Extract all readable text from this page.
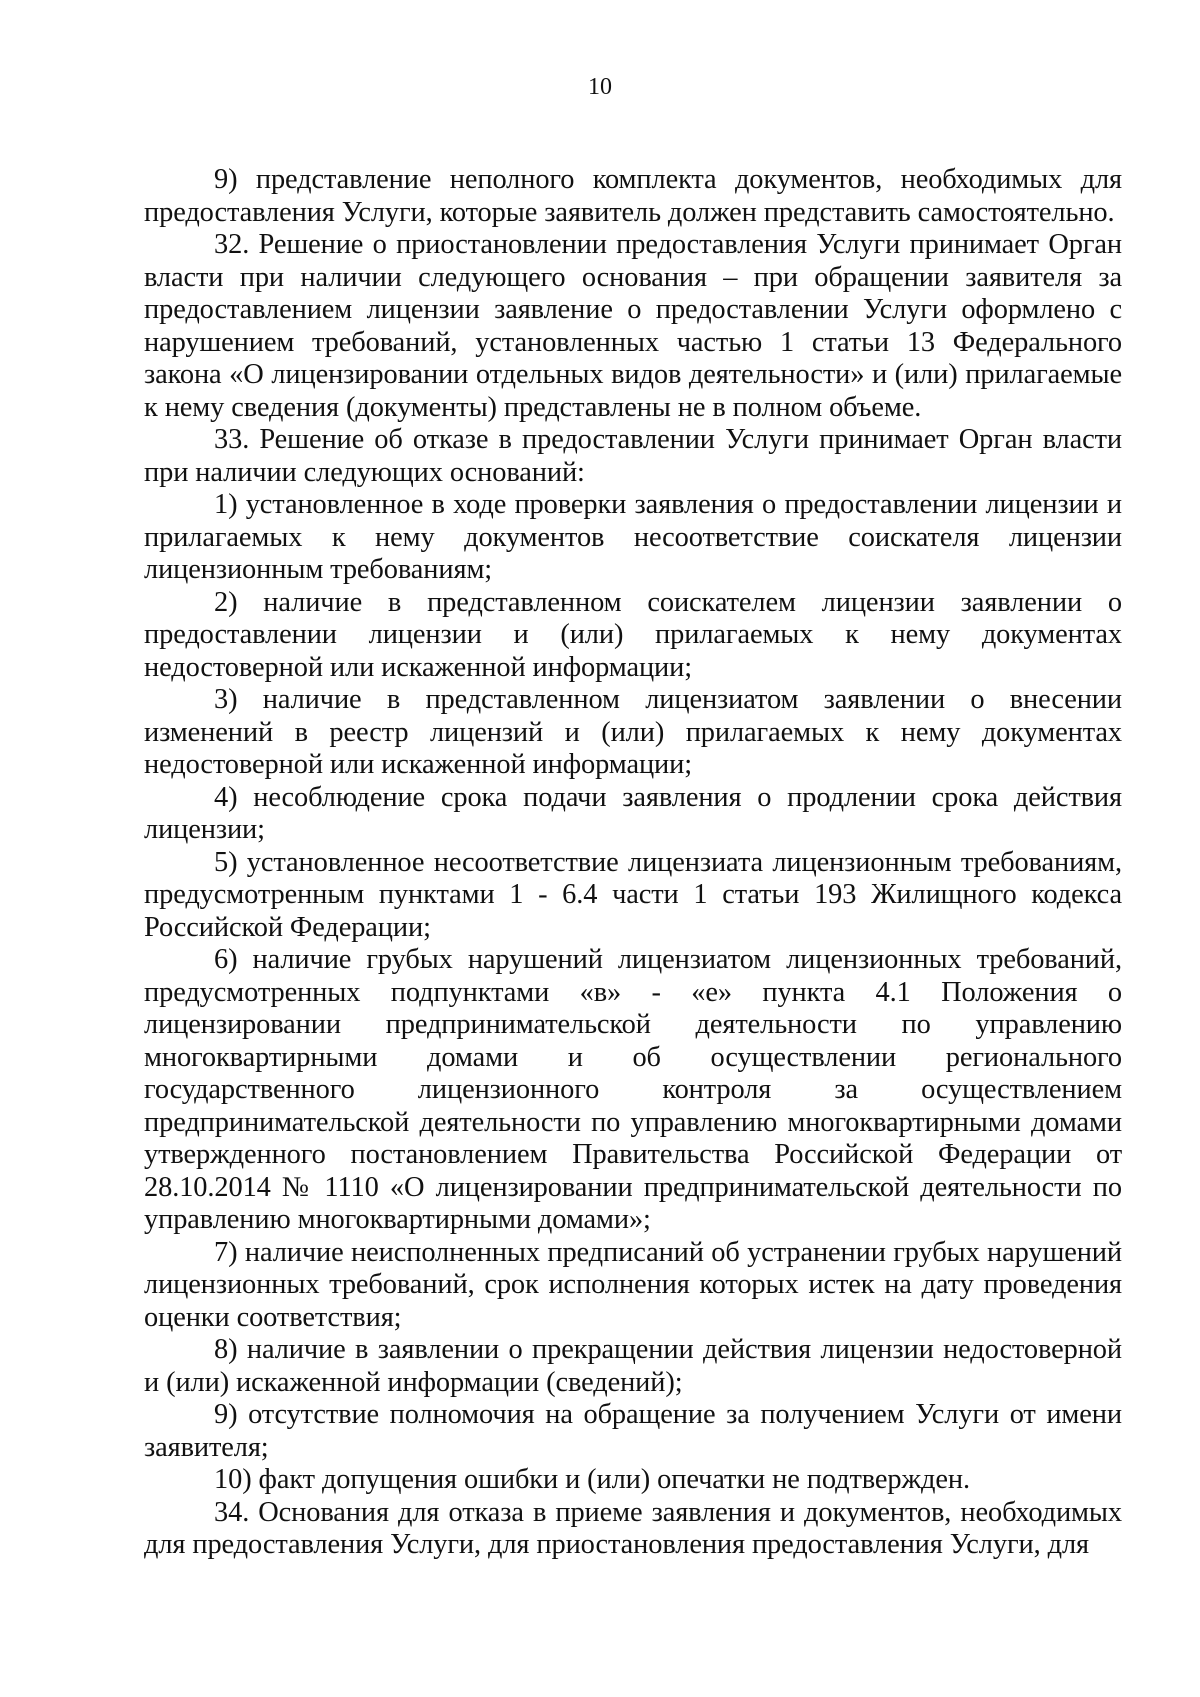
10

9) представление неполного комплекта документов, необходимых для предоставления Услуги, которые заявитель должен представить самостоятельно.

32. Решение о приостановлении предоставления Услуги принимает Орган власти при наличии следующего основания – при обращении заявителя за предоставлением лицензии заявление о предоставлении Услуги оформлено с нарушением требований, установленных частью 1 статьи 13 Федерального закона «О лицензировании отдельных видов деятельности» и (или) прилагаемые к нему сведения (документы) представлены не в полном объеме.

33. Решение об отказе в предоставлении Услуги принимает Орган власти при наличии следующих оснований:

1) установленное в ходе проверки заявления о предоставлении лицензии и прилагаемых к нему документов несоответствие соискателя лицензии лицензионным требованиям;

2) наличие в представленном соискателем лицензии заявлении о предоставлении лицензии и (или) прилагаемых к нему документах недостоверной или искаженной информации;

3) наличие в представленном лицензиатом заявлении о внесении изменений в реестр лицензий и (или) прилагаемых к нему документах недостоверной или искаженной информации;

4) несоблюдение срока подачи заявления о продлении срока действия лицензии;

5) установленное несоответствие лицензиата лицензионным требованиям, предусмотренным пунктами 1 - 6.4 части 1 статьи 193 Жилищного кодекса Российской Федерации;

6) наличие грубых нарушений лицензиатом лицензионных требований, предусмотренных подпунктами «в» - «е» пункта 4.1 Положения о лицензировании предпринимательской деятельности по управлению многоквартирными домами и об осуществлении регионального государственного лицензионного контроля за осуществлением предпринимательской деятельности по управлению многоквартирными домами утвержденного постановлением Правительства Российской Федерации от 28.10.2014 № 1110 «О лицензировании предпринимательской деятельности по управлению многоквартирными домами»;

7) наличие неисполненных предписаний об устранении грубых нарушений лицензионных требований, срок исполнения которых истек на дату проведения оценки соответствия;

8) наличие в заявлении о прекращении действия лицензии недостоверной и (или) искаженной информации (сведений);

9) отсутствие полномочия на обращение за получением Услуги от имени заявителя;

10) факт допущения ошибки и (или) опечатки не подтвержден.

34. Основания для отказа в приеме заявления и документов, необходимых для предоставления Услуги, для приостановления предоставления Услуги, для
